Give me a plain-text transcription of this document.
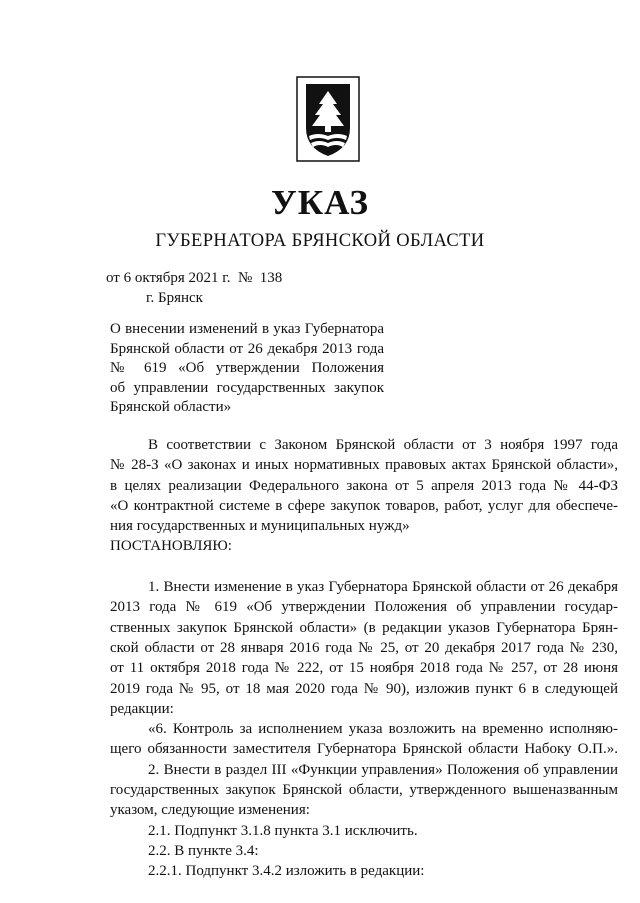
УКАЗ
ГУБЕРНАТОРА БРЯНСКОЙ ОБЛАСТИ
от 6 октября 2021 г. № 138
г. Брянск
О внесении изменений в указ Губернатора
Брянской области от 26 декабря 2013 года
№ 619 «Об утверждении Положения
об управлении государственных закупок
Брянской области»
В соответствии с Законом Брянской области от 3 ноября 1997 года
№ 28-З «О законах и иных нормативных правовых актах Брянской области»,
в целях реализации Федерального закона от 5 апреля 2013 года № 44-ФЗ
«О контрактной системе в сфере закупок товаров, работ, услуг для обеспече-
ния государственных и муниципальных нужд»
ПОСТАНОВЛЯЮ:
1. Внести изменение в указ Губернатора Брянской области от 26 декабря
2013 года № 619 «Об утверждении Положения об управлении государ-
ственных закупок Брянской области» (в редакции указов Губернатора Брян-
ской области от 28 января 2016 года № 25, от 20 декабря 2017 года № 230,
от 11 октября 2018 года № 222, от 15 ноября 2018 года № 257, от 28 июня
2019 года № 95, от 18 мая 2020 года № 90), изложив пункт 6 в следующей
редакции:
«6. Контроль за исполнением указа возложить на временно исполняю-
щего обязанности заместителя Губернатора Брянской области Набоку О.П.».
2. Внести в раздел III «Функции управления» Положения об управлении
государственных закупок Брянской области, утвержденного вышеназванным
указом, следующие изменения:
2.1. Подпункт 3.1.8 пункта 3.1 исключить.
2.2. В пункте 3.4:
2.2.1. Подпункт 3.4.2 изложить в редакции:
